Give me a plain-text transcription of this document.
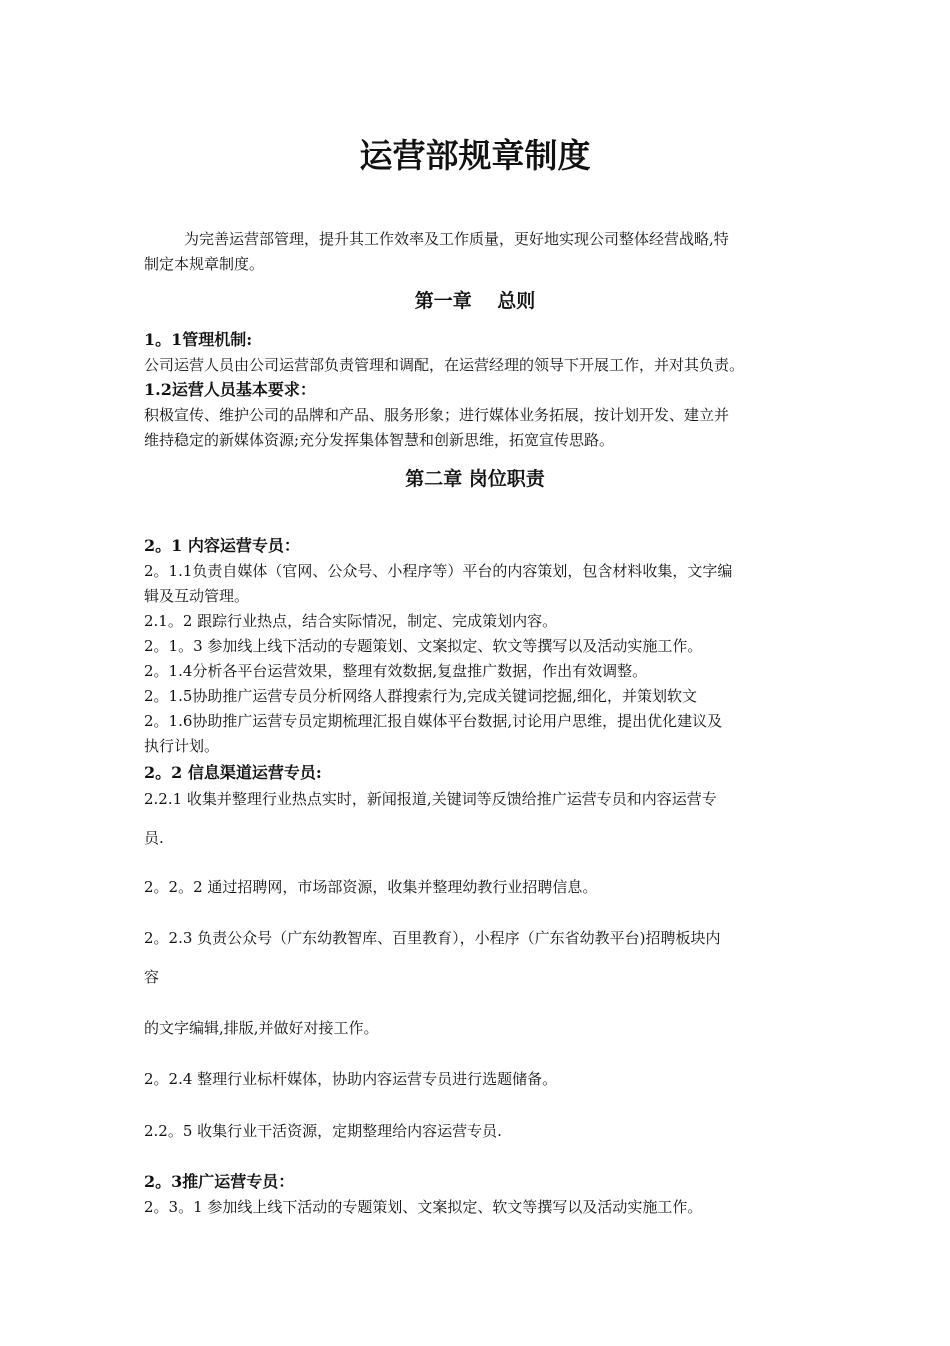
运营部规章制度
为完善运营部管理，提升其工作效率及工作质量，更好地实现公司整体经营战略,特
制定本规章制度。
第一章　 总则
1。1管理机制:
公司运营人员由公司运营部负责管理和调配，在运营经理的领导下开展工作，并对其负责。
1.2运营人员基本要求：
积极宣传、维护公司的品牌和产品、服务形象；进行媒体业务拓展，按计划开发、建立并
维持稳定的新媒体资源;充分发挥集体智慧和创新思维，拓宽宣传思路。
第二章 岗位职责
2。1 内容运营专员：
2。1.1负责自媒体（官网、公众号、小程序等）平台的内容策划，包含材料收集，文字编
辑及互动管理。
2.1。2 跟踪行业热点，结合实际情况，制定、完成策划内容。
2。1。3 参加线上线下活动的专题策划、文案拟定、软文等撰写以及活动实施工作。
2。1.4分析各平台运营效果，整理有效数据,复盘推广数据，作出有效调整。
2。1.5协助推广运营专员分析网络人群搜索行为,完成关键词挖掘,细化，并策划软文
2。1.6协助推广运营专员定期梳理汇报自媒体平台数据,讨论用户思维，提出优化建议及
执行计划。
2。2 信息渠道运营专员:
2.2.1 收集并整理行业热点实时，新闻报道,关键词等反馈给推广运营专员和内容运营专
员.
2。2。2 通过招聘网，市场部资源，收集并整理幼教行业招聘信息。
2。2.3 负责公众号（广东幼教智库、百里教育），小程序（广东省幼教平台)招聘板块内
容
的文字编辑,排版,并做好对接工作。
2。2.4 整理行业标杆媒体，协助内容运营专员进行选题储备。
2.2。5 收集行业干活资源，定期整理给内容运营专员.
2。3推广运营专员：
2。3。1 参加线上线下活动的专题策划、文案拟定、软文等撰写以及活动实施工作。
